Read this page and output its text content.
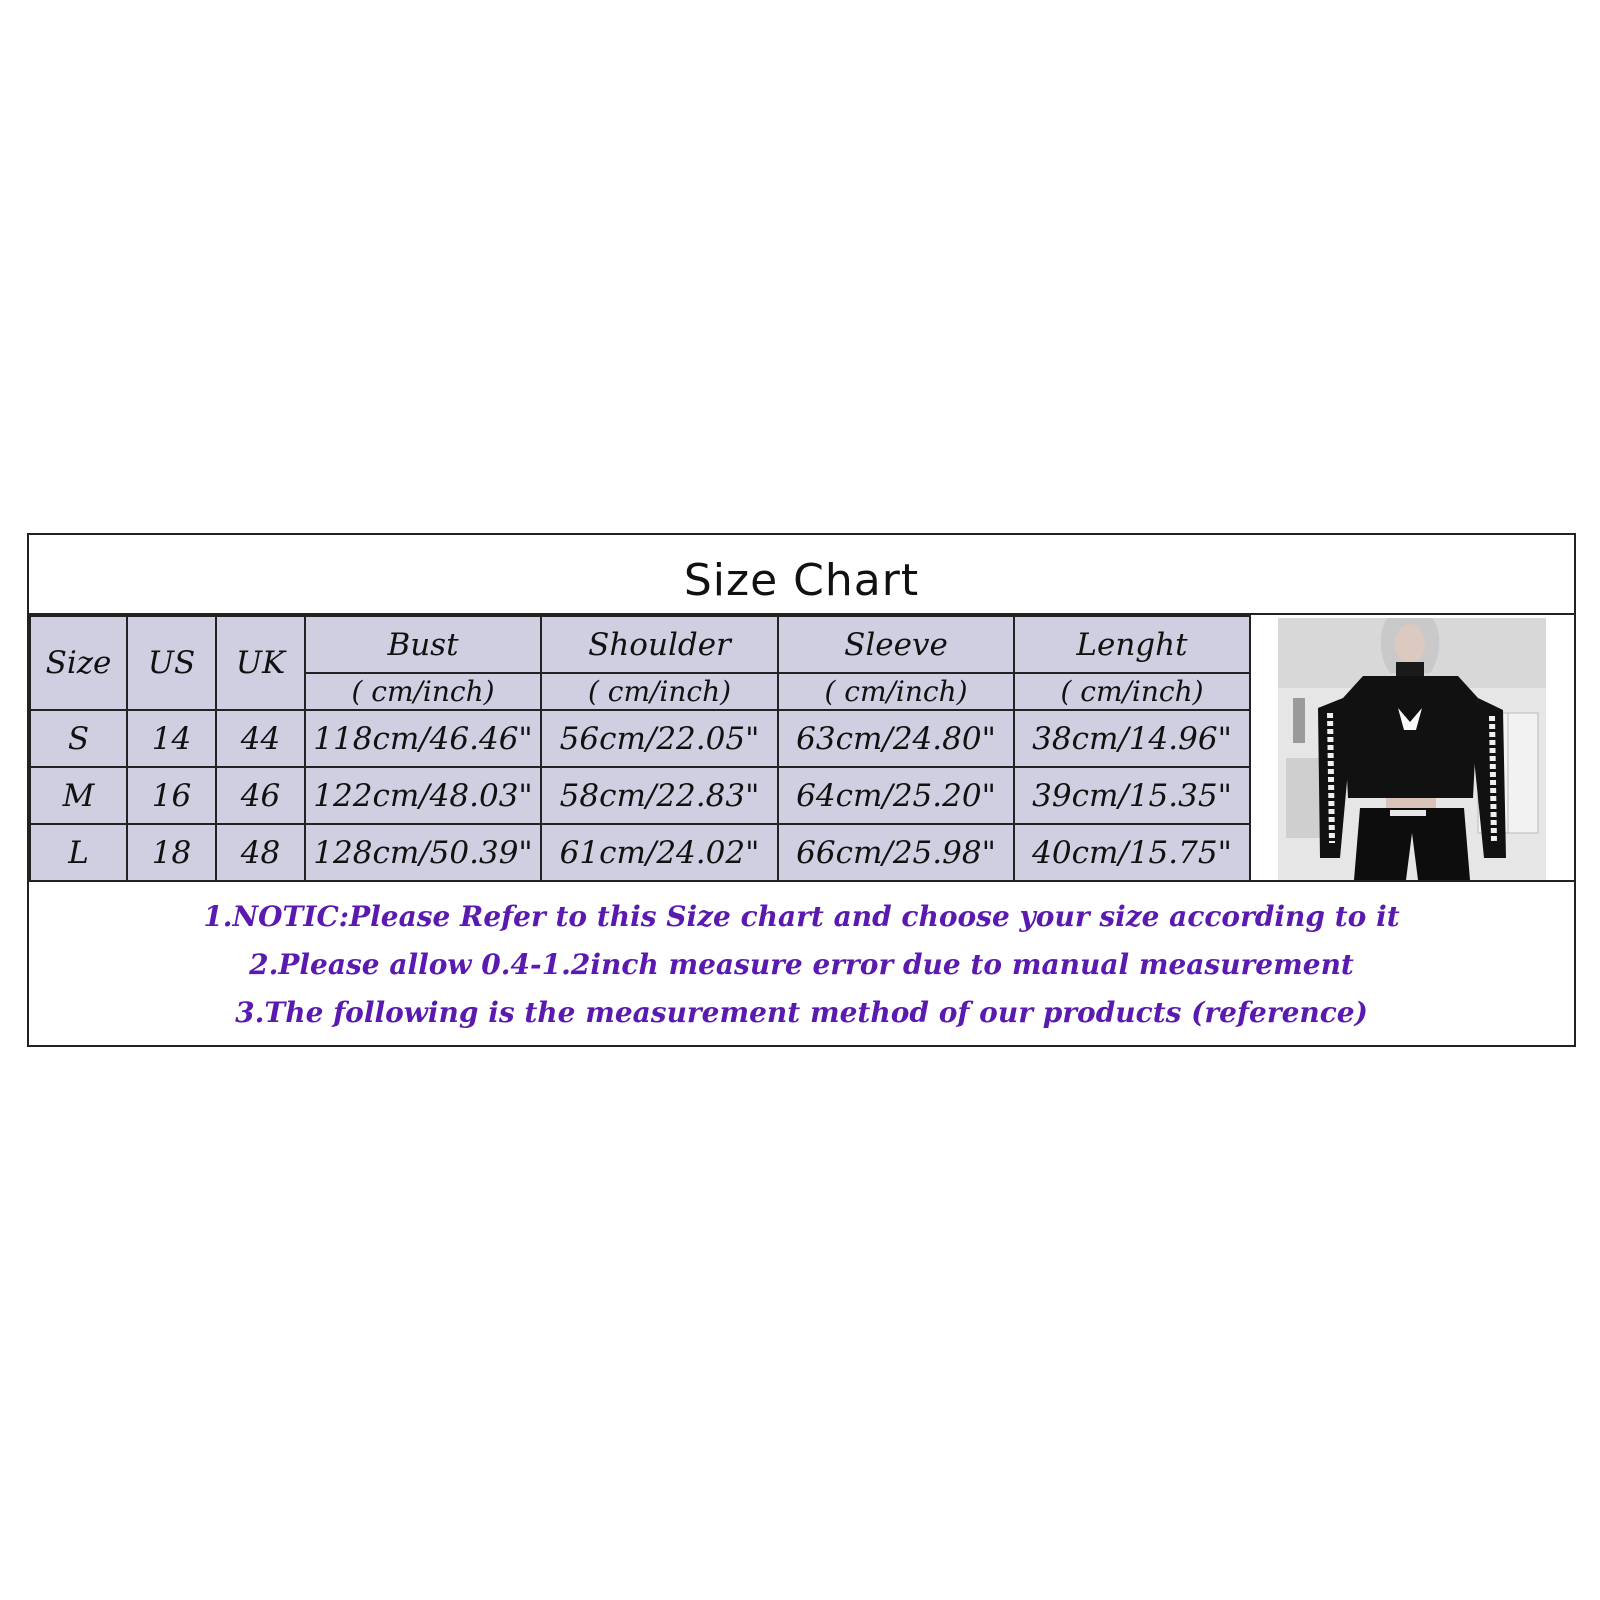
Size Chart
Size	US	UK	Bust	Shoulder	Sleeve	Lenght
			( cm/inch)	( cm/inch)	( cm/inch)	( cm/inch)
S	14	44	118cm/46.46"	56cm/22.05"	63cm/24.80"	38cm/14.96"
M	16	46	122cm/48.03"	58cm/22.83"	64cm/25.20"	39cm/15.35"
L	18	48	128cm/50.39"	61cm/24.02"	66cm/25.98"	40cm/15.75"
1.NOTIC:Please Refer to this Size chart and choose your size according to it
2.Please allow 0.4-1.2inch measure error due to manual measurement
3.The following is the measurement method of our products (reference)
